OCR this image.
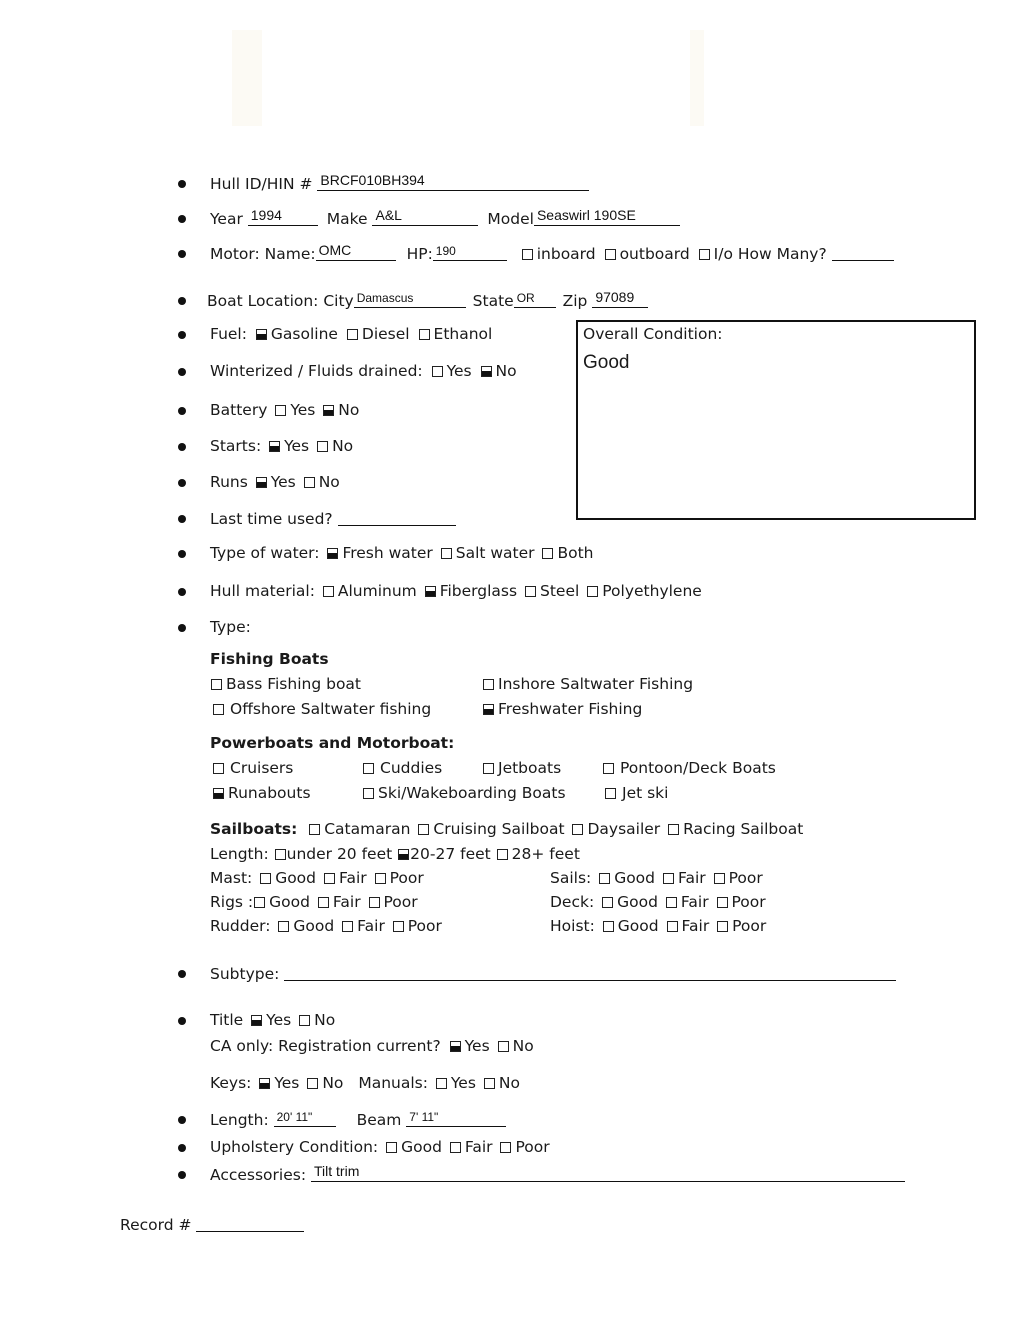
Hull ID/HIN # BRCF010BH394
Year 1994	Make A&L	Model Seaswirl 190SE
Motor: Name: OMC	HP: 190	inboard outboard I/o How Many?
Boat Location: City Damascus	State OR Zip 97089
Fuel: Gasoline Diesel Ethanol	Overall Condition:
Good
Winterized / Fluids drained: Yes No
Battery Yes No
Starts: Yes No
Runs Yes No
Last time used?
Type of water: Fresh water Salt water Both
Hull material: Aluminum Fiberglass Steel Polyethylene
Type:
Fishing Boats
Bass Fishing boat	Inshore Saltwater Fishing
Offshore Saltwater fishing	Freshwater Fishing
Powerboats and Motorboat:
Cruisers	Cuddies	Jetboats	Pontoon/Deck Boats
Runabouts	Ski/Wakeboarding Boats	Jet ski
Sailboats: Catamaran Cruising Sailboat Daysailer Racing Sailboat
Length: under 20 feet 20-27 feet 28+ feet
Mast: Good Fair Poor	Sails: Good Fair Poor
Rigs : Good Fair Poor	Deck: Good Fair Poor
Rudder: Good Fair Poor	Hoist: Good Fair Poor
Subtype:
Title Yes No
CA only: Registration current? Yes No
Keys: Yes No Manuals: Yes No
Length: 20' 11"	Beam 7' 11"
Upholstery Condition: Good Fair Poor
Accessories: Tilt trim
Record #
